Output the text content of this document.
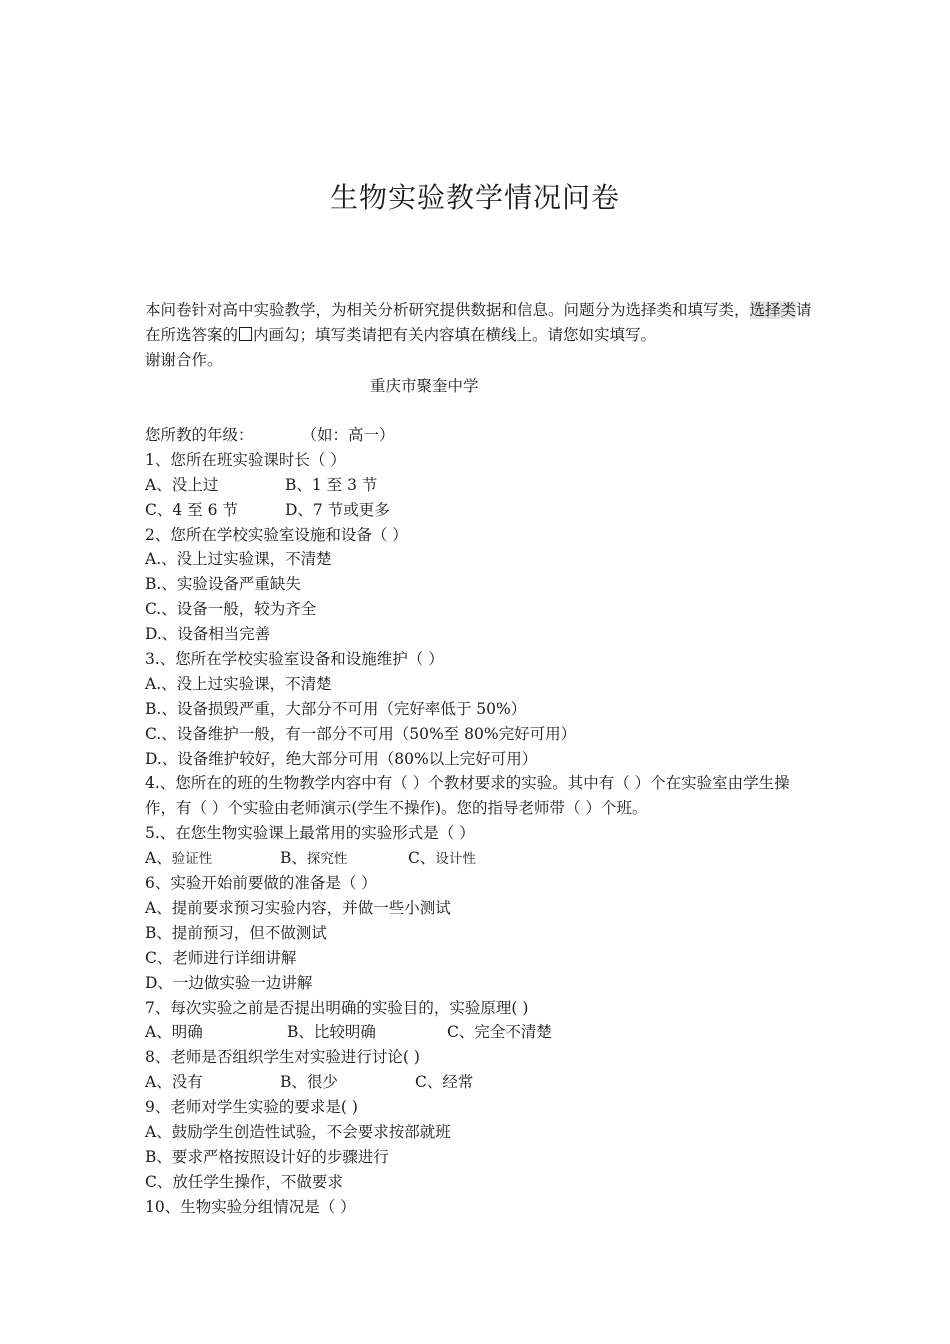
生物实验教学情况问卷

本问卷针对高中实验教学，为相关分析研究提供数据和信息。问题分为选择类和填写类，选择类请在所选答案的 内画勾；填写类请把有关内容填在横线上。请您如实填写。

谢谢合作。

重庆市聚奎中学
您所教的年级：	（如：高一）
1、您所在班实验课时长（ ）
A、没上过	B、1 至 3 节
C、4 至 6 节	D、7 节或更多
2、您所在学校实验室设施和设备（ ）
A.、没上过实验课，不清楚
B.、实验设备严重缺失
C.、设备一般，较为齐全
D.、设备相当完善
3.、您所在学校实验室设备和设施维护（ ）
A.、没上过实验课，不清楚
B.、设备损毁严重，大部分不可用（完好率低于 50%）
C.、设备维护一般，有一部分不可用（50%至 80%完好可用）
D.、设备维护较好，绝大部分可用（80%以上完好可用）
4.、您所在的班的生物教学内容中有（ ）个教材要求的实验。其中有（ ）个在实验室由学生操作，有（ ）个实验由老师演示(学生不操作)。您的指导老师带（ ）个班。
5.、在您生物实验课上最常用的实验形式是（ ）
A、验证性	B、探究性	C、设计性
6、实验开始前要做的准备是（ ）
A、提前要求预习实验内容，并做一些小测试
B、提前预习，但不做测试
C、老师进行详细讲解
D、一边做实验一边讲解
7、每次实验之前是否提出明确的实验目的，实验原理( )
A、明确	B、比较明确	C、完全不清楚
8、老师是否组织学生对实验进行讨论( )
A、没有	B、很少	C、经常
9、老师对学生实验的要求是( )
A、鼓励学生创造性试验，不会要求按部就班
B、要求严格按照设计好的步骤进行
C、放任学生操作，不做要求
10、生物实验分组情况是（ ）
